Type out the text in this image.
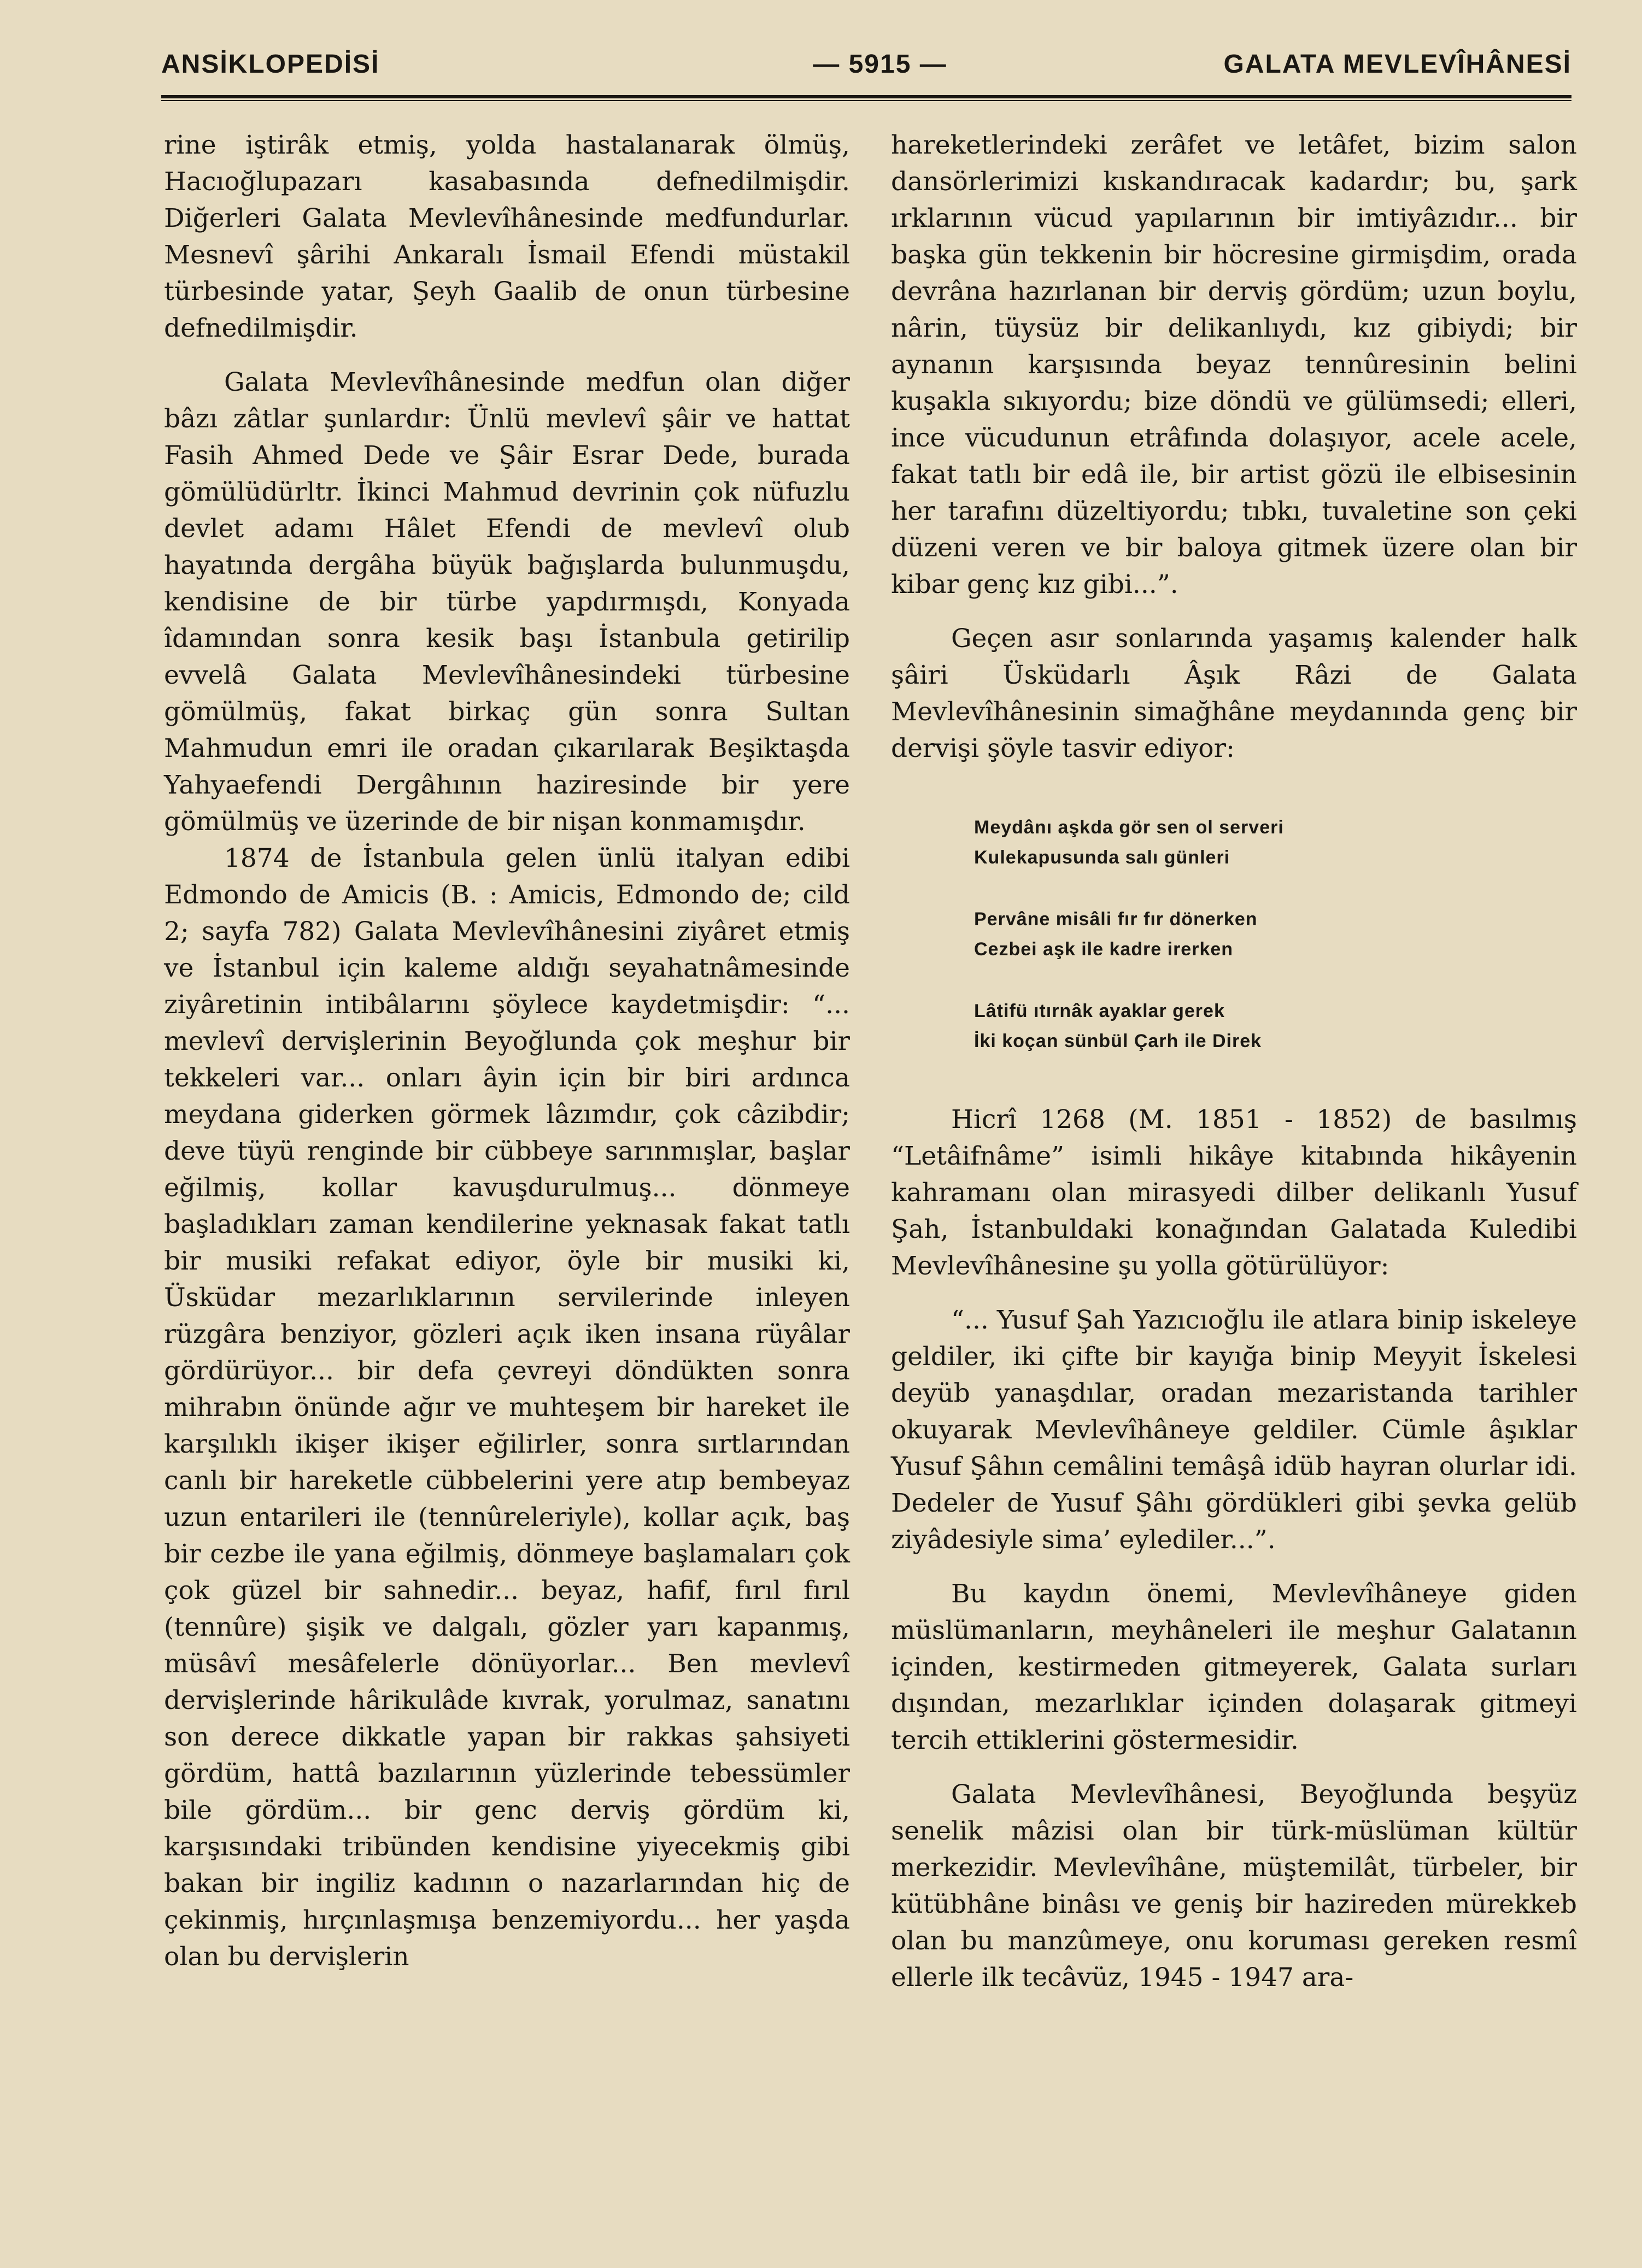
ANSİKLOPEDİSİ	— 5915 —	GALATA MEVLEVÎHÂNESİ

rine iştirâk etmiş, yolda hastalanarak ölmüş, Hacıoğlupazarı kasabasında defnedilmişdir. Diğerleri Galata Mevlevîhânesinde medfundurlar. Mesnevî şârihi Ankaralı İsmail Efendi müstakil türbesinde yatar, Şeyh Gaalib de onun türbesine defnedilmişdir.

Galata Mevlevîhânesinde medfun olan diğer bâzı zâtlar şunlardır: Ünlü mevlevî şâir ve hattat Fasih Ahmed Dede ve Şâir Esrar Dede, burada gömülüdürltr. İkinci Mahmud devrinin çok nüfuzlu devlet adamı Hâlet Efendi de mevlevî olub hayatında dergâha büyük bağışlarda bulunmuşdu, kendisine de bir türbe yapdırmışdı, Konyada îdamından sonra kesik başı İstanbula getirilip evvelâ Galata Mevlevîhânesindeki türbesine gömülmüş, fakat birkaç gün sonra Sultan Mahmudun emri ile oradan çıkarılarak Beşiktaşda Yahyaefendi Dergâhının haziresinde bir yere gömülmüş ve üzerinde de bir nişan konmamışdır.

1874 de İstanbula gelen ünlü italyan edibi Edmondo de Amicis (B. : Amicis, Edmondo de; cild 2; sayfa 782) Galata Mevlevîhânesini ziyâret etmiş ve İstanbul için kaleme aldığı seyahatnâmesinde ziyâretinin intibâlarını şöylece kaydetmişdir: “... mevlevî dervişlerinin Beyoğlunda çok meşhur bir tekkeleri var... onları âyin için bir biri ardınca meydana giderken görmek lâzımdır, çok câzibdir; deve tüyü renginde bir cübbeye sarınmışlar, başlar eğilmiş, kollar kavuşdurulmuş... dönmeye başladıkları zaman kendilerine yeknasak fakat tatlı bir musiki refakat ediyor, öyle bir musiki ki, Üsküdar mezarlıklarının servilerinde inleyen rüzgâra benziyor, gözleri açık iken insana rüyâlar gördürüyor... bir defa çevreyi döndükten sonra mihrabın önünde ağır ve muhteşem bir hareket ile karşılıklı ikişer ikişer eğilirler, sonra sırtlarından canlı bir hareketle cübbelerini yere atıp bembeyaz uzun entarileri ile (tennûreleriyle), kollar açık, baş bir cezbe ile yana eğilmiş, dönmeye başlamaları çok çok güzel bir sahnedir... beyaz, hafif, fırıl fırıl (tennûre) şişik ve dalgalı, gözler yarı kapanmış, müsâvî mesâfelerle dönüyorlar... Ben mevlevî dervişlerinde hârikulâde kıvrak, yorulmaz, sanatını son derece dikkatle yapan bir rakkas şahsiyeti gördüm, hattâ bazılarının yüzlerinde tebessümler bile gördüm... bir genc derviş gördüm ki, karşısındaki tribünden kendisine yiyecekmiş gibi bakan bir ingiliz kadının o nazarlarından hiç de çekinmiş, hırçınlaşmışa benzemiyordu... her yaşda olan bu dervişlerin

hareketlerindeki zerâfet ve letâfet, bizim salon dansörlerimizi kıskandıracak kadardır; bu, şark ırklarının vücud yapılarının bir imtiyâzıdır... bir başka gün tekkenin bir höcresine girmişdim, orada devrâna hazırlanan bir derviş gördüm; uzun boylu, nârin, tüysüz bir delikanlıydı, kız gibiydi; bir aynanın karşısında beyaz tennûresinin belini kuşakla sıkıyordu; bize döndü ve gülümsedi; elleri, ince vücudunun etrâfında dolaşıyor, acele acele, fakat tatlı bir edâ ile, bir artist gözü ile elbisesinin her tarafını düzeltiyordu; tıbkı, tuvaletine son çeki düzeni veren ve bir baloya gitmek üzere olan bir kibar genç kız gibi...”.

Geçen asır sonlarında yaşamış kalender halk şâiri Üsküdarlı Âşık Râzi de Galata Mevlevîhânesinin simağhâne meydanında genç bir dervişi şöyle tasvir ediyor:

Meydânı aşkda gör sen ol serveri
Kulekapusunda salı günleri
Pervâne misâli fır fır dönerken
Cezbei aşk ile kadre irerken
Lâtifü ıtırnâk ayaklar gerek
İki koçan sünbül Çarh ile Direk

Hicrî 1268 (M. 1851 - 1852) de basılmış “Letâifnâme” isimli hikâye kitabında hikâyenin kahramanı olan mirasyedi dilber delikanlı Yusuf Şah, İstanbuldaki konağından Galatada Kuledibi Mevlevîhânesine şu yolla götürülüyor:

“... Yusuf Şah Yazıcıoğlu ile atlara binip iskeleye geldiler, iki çifte bir kayığa binip Meyyit İskelesi deyüb yanaşdılar, oradan mezaristanda tarihler okuyarak Mevlevîhâneye geldiler. Cümle âşıklar Yusuf Şâhın cemâlini temâşâ idüb hayran olurlar idi. Dedeler de Yusuf Şâhı gördükleri gibi şevka gelüb ziyâdesiyle sima’ eylediler...”.

Bu kaydın önemi, Mevlevîhâneye giden müslümanların, meyhâneleri ile meşhur Galatanın içinden, kestirmeden gitmeyerek, Galata surları dışından, mezarlıklar içinden dolaşarak gitmeyi tercih ettiklerini göstermesidir.

Galata Mevlevîhânesi, Beyoğlunda beşyüz senelik mâzisi olan bir türk-müslüman kültür merkezidir. Mevlevîhâne, müştemilât, türbeler, bir kütübhâne binâsı ve geniş bir hazireden mürekkeb olan bu manzûmeye, onu koruması gereken resmî ellerle ilk tecâvüz, 1945 - 1947 ara-
